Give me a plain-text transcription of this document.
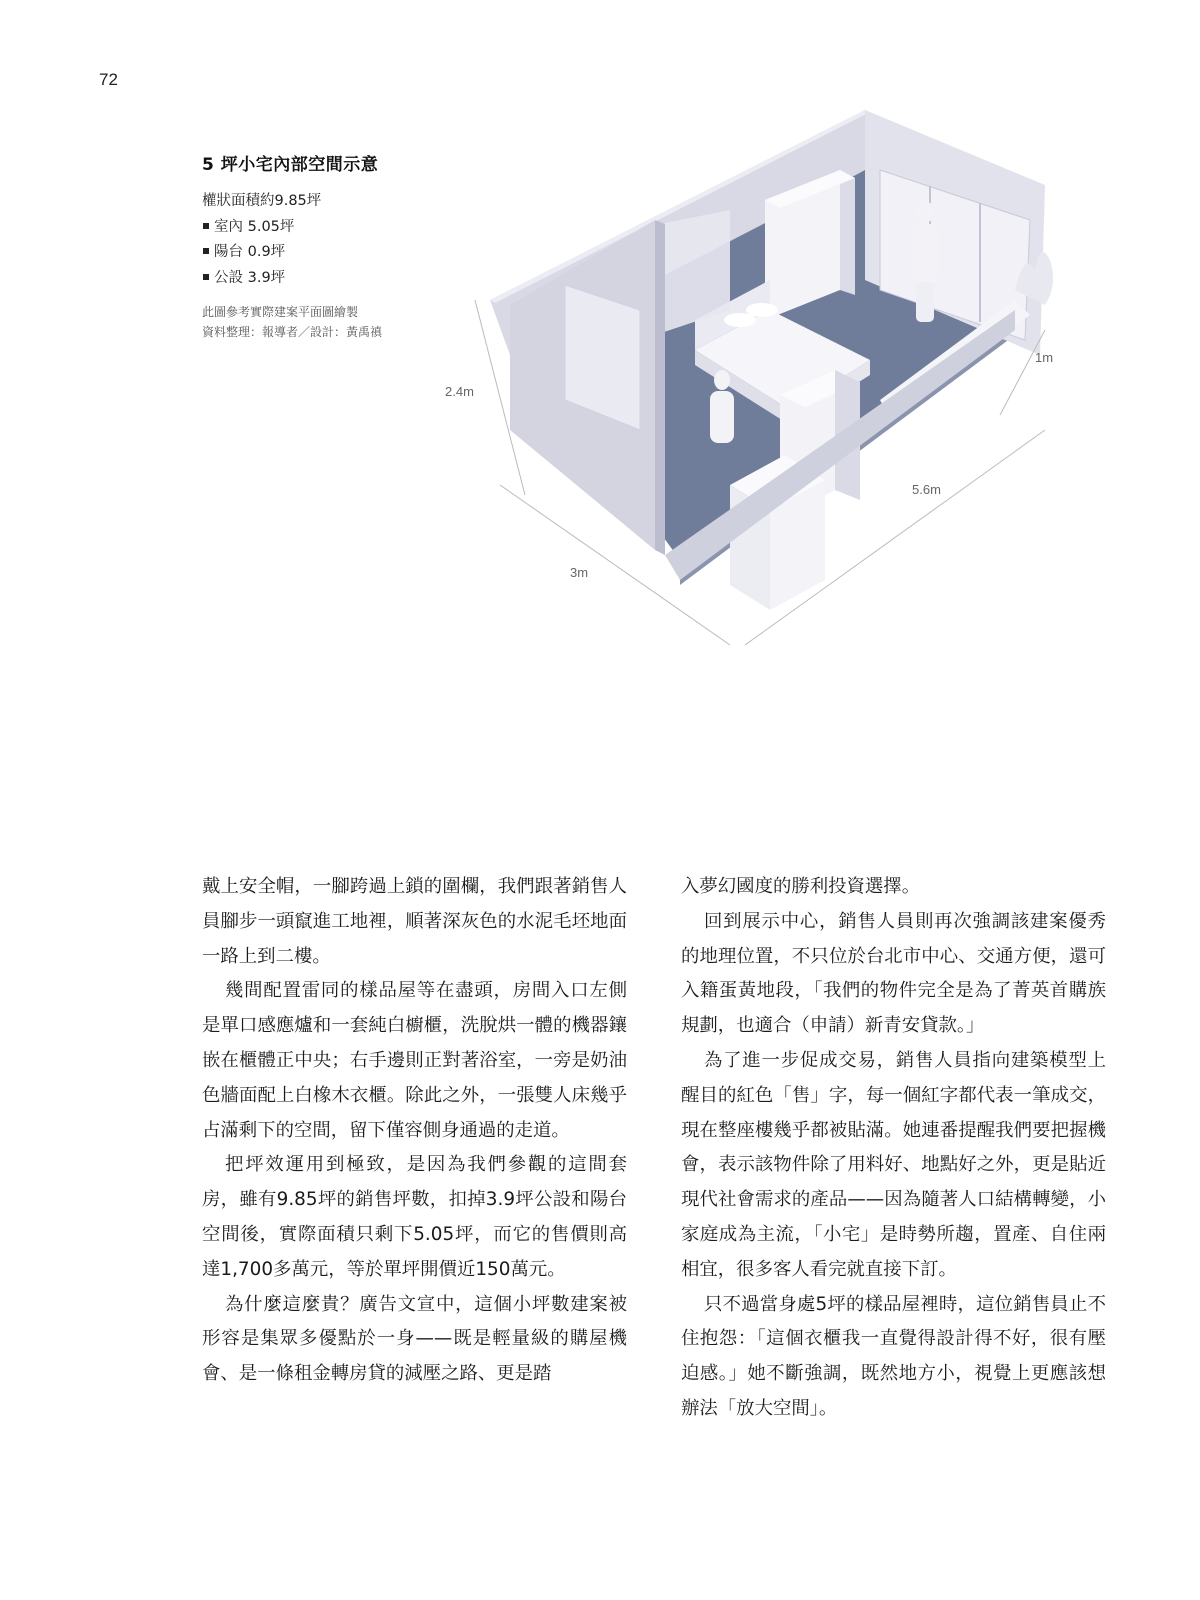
72
5 坪小宅內部空間示意
權狀面積約9.85坪
室內 5.05坪
陽台 0.9坪
公設 3.9坪
此圖參考實際建案平面圖繪製
資料整理：報導者／設計：黃禹禛
2.4m
3m
5.6m
1m

戴上安全帽，一腳跨過上鎖的圍欄，我們跟著銷售人員腳步一頭竄進工地裡，順著深灰色的水泥毛坯地面一路上到二樓。

幾間配置雷同的樣品屋等在盡頭，房間入口左側是單口感應爐和一套純白櫥櫃，洗脫烘一體的機器鑲嵌在櫃體正中央；右手邊則正對著浴室，一旁是奶油色牆面配上白橡木衣櫃。除此之外，一張雙人床幾乎占滿剩下的空間，留下僅容側身通過的走道。

把坪效運用到極致，是因為我們參觀的這間套房，雖有9.85坪的銷售坪數，扣掉3.9坪公設和陽台空間後，實際面積只剩下5.05坪，而它的售價則高達1,700多萬元，等於單坪開價近150萬元。

為什麼這麼貴？廣告文宣中，這個小坪數建案被形容是集眾多優點於一身——既是輕量級的購屋機會、是一條租金轉房貸的減壓之路、更是踏

入夢幻國度的勝利投資選擇。

回到展示中心，銷售人員則再次強調該建案優秀的地理位置，不只位於台北市中心、交通方便，還可入籍蛋黃地段，「我們的物件完全是為了菁英首購族規劃，也適合（申請）新青安貸款。」

為了進一步促成交易，銷售人員指向建築模型上醒目的紅色「售」字，每一個紅字都代表一筆成交，現在整座樓幾乎都被貼滿。她連番提醒我們要把握機會，表示該物件除了用料好、地點好之外，更是貼近現代社會需求的產品——因為隨著人口結構轉變，小家庭成為主流，「小宅」是時勢所趨，置產、自住兩相宜，很多客人看完就直接下訂。

只不過當身處5坪的樣品屋裡時，這位銷售員止不住抱怨：「這個衣櫃我一直覺得設計得不好，很有壓迫感。」她不斷強調，既然地方小，視覺上更應該想辦法「放大空間」。
